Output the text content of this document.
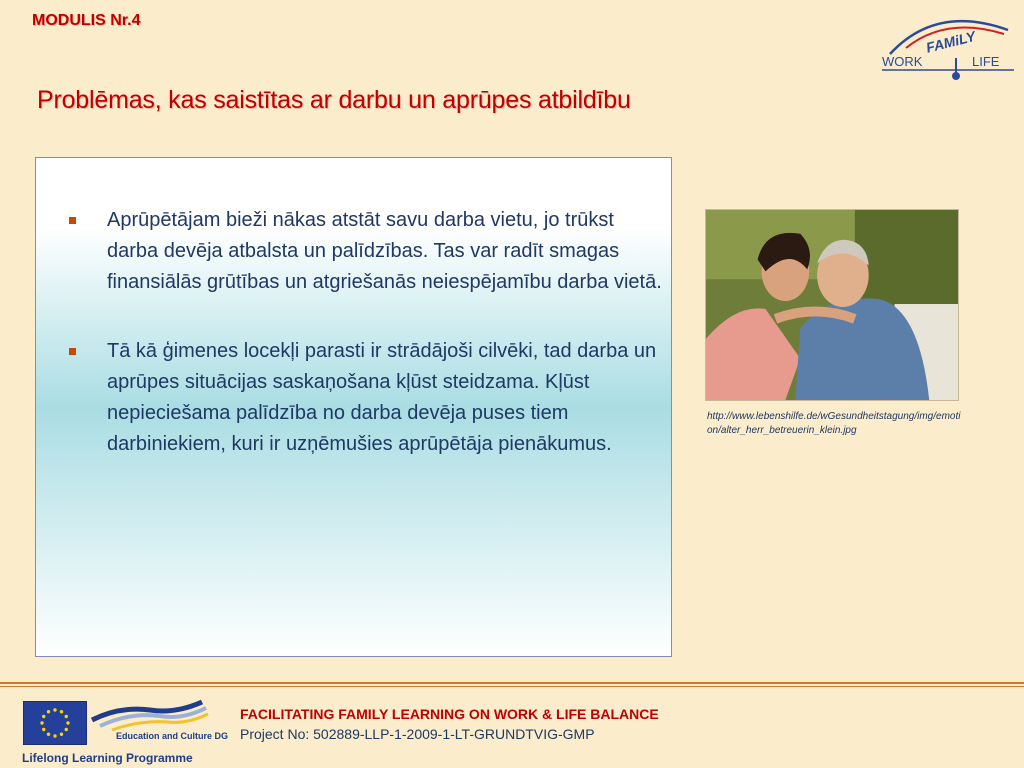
MODULIS Nr.4
FAMiLY
WORK	LIFE
Problēmas, kas saistītas ar darbu un aprūpes atbildību
Aprūpētājam bieži nākas atstāt savu darba vietu, jo trūkst darba devēja atbalsta un palīdzības. Tas var radīt smagas finansiālās grūtības un atgriešanās neiespējamību darba vietā.
Tā kā ģimenes locekļi parasti ir strādājoši cilvēki, tad darba un aprūpes situācijas saskaņošana kļūst steidzama. Kļūst nepieciešama palīdzība no darba devēja puses tiem darbiniekiem, kuri ir uzņēmušies aprūpētāja pienākumus.
http://www.lebenshilfe.de/wGesundheitstagung/img/emotion/alter_herr_betreuerin_klein.jpg
Education and Culture DG
Lifelong Learning Programme
FACILITATING FAMILY LEARNING ON WORK & LIFE BALANCE
Project No: 502889-LLP-1-2009-1-LT-GRUNDTVIG-GMP
